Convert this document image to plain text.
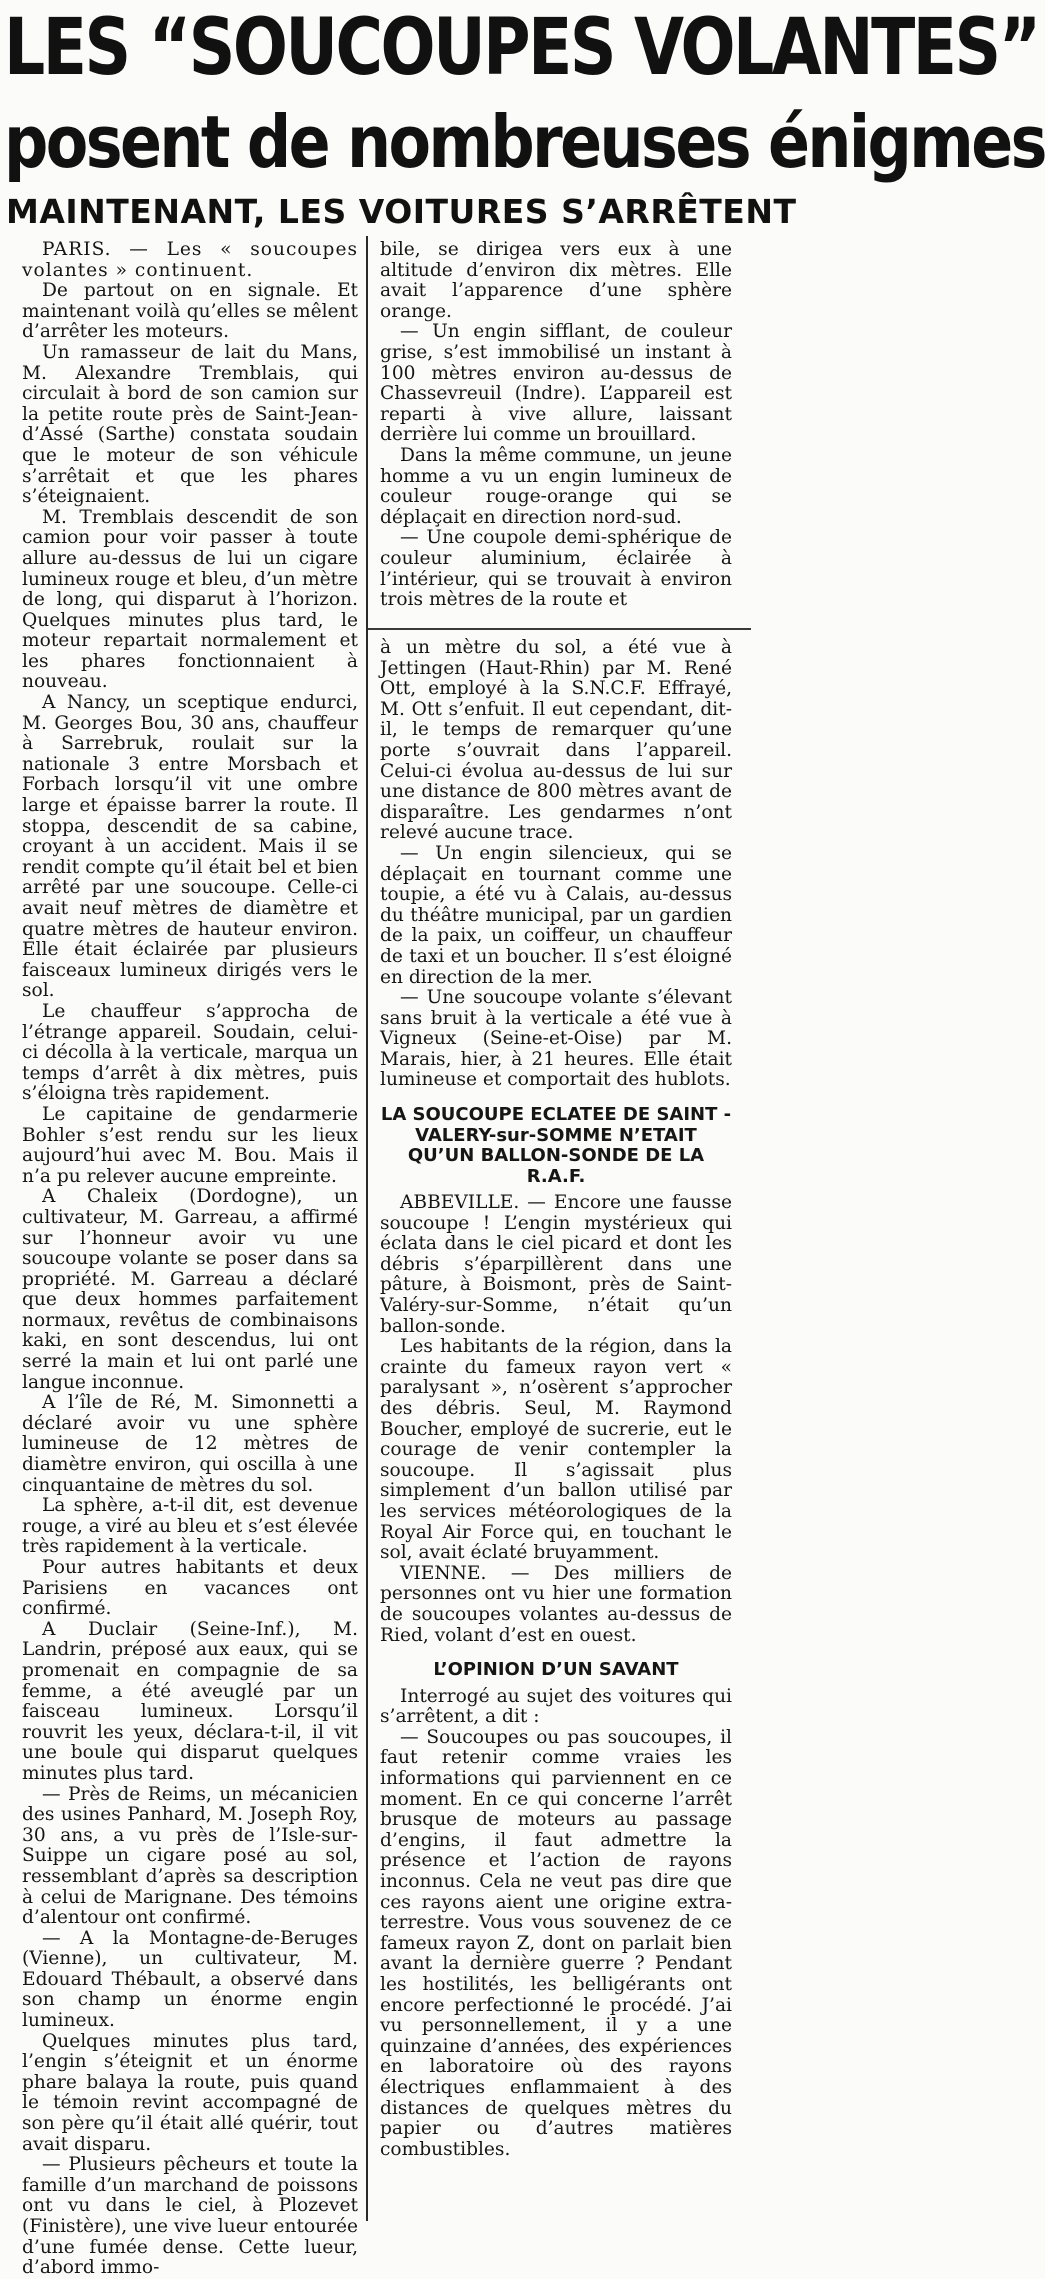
LES “SOUCOUPES VOLANTES”
posent de nombreuses énigmes
MAINTENANT, LES VOITURES S’ARRÊTENT

PARIS. — Les « soucoupes volantes » continuent.

De partout on en signale. Et maintenant voilà qu’elles se mêlent d’arrêter les moteurs.

Un ramasseur de lait du Mans, M. Alexandre Tremblais, qui circulait à bord de son camion sur la petite route près de Saint-Jean-d’Assé (Sarthe) constata soudain que le moteur de son véhicule s’arrêtait et que les phares s’éteignaient.

M. Tremblais descendit de son camion pour voir passer à toute allure au-dessus de lui un cigare lumineux rouge et bleu, d’un mètre de long, qui disparut à l’horizon. Quelques minutes plus tard, le moteur repartait normalement et les phares fonctionnaient à nouveau.

A Nancy, un sceptique endurci, M. Georges Bou, 30 ans, chauffeur à Sarrebruk, roulait sur la nationale 3 entre Morsbach et Forbach lorsqu’il vit une ombre large et épaisse barrer la route. Il stoppa, descendit de sa cabine, croyant à un accident. Mais il se rendit compte qu’il était bel et bien arrêté par une soucoupe. Celle-ci avait neuf mètres de diamètre et quatre mètres de hauteur environ. Elle était éclairée par plusieurs faisceaux lumineux dirigés vers le sol.

Le chauffeur s’approcha de l’étrange appareil. Soudain, celui-ci décolla à la verticale, marqua un temps d’arrêt à dix mètres, puis s’éloigna très rapidement.

Le capitaine de gendarmerie Bohler s’est rendu sur les lieux aujourd’hui avec M. Bou. Mais il n’a pu relever aucune empreinte.

A Chaleix (Dordogne), un cultivateur, M. Garreau, a affirmé sur l’honneur avoir vu une soucoupe volante se poser dans sa propriété. M. Garreau a déclaré que deux hommes parfaitement normaux, revêtus de combinaisons kaki, en sont descendus, lui ont serré la main et lui ont parlé une langue inconnue.

A l’île de Ré, M. Simonnetti a déclaré avoir vu une sphère lumineuse de 12 mètres de diamètre environ, qui oscilla à une cinquantaine de mètres du sol.

La sphère, a-t-il dit, est devenue rouge, a viré au bleu et s’est élevée très rapidement à la verticale.

Pour autres habitants et deux Parisiens en vacances ont confirmé.

A Duclair (Seine-Inf.), M. Landrin, préposé aux eaux, qui se promenait en compagnie de sa femme, a été aveuglé par un faisceau lumineux. Lorsqu’il rouvrit les yeux, déclara-t-il, il vit une boule qui disparut quelques minutes plus tard.

— Près de Reims, un mécanicien des usines Panhard, M. Joseph Roy, 30 ans, a vu près de l’Isle-sur-Suippe un cigare posé au sol, ressemblant d’après sa description à celui de Marignane. Des témoins d’alentour ont confirmé.

— A la Montagne-de-Beruges (Vienne), un cultivateur, M. Edouard Thébault, a observé dans son champ un énorme engin lumineux.

Quelques minutes plus tard, l’engin s’éteignit et un énorme phare balaya la route, puis quand le témoin revint accompagné de son père qu’il était allé quérir, tout avait disparu.

— Plusieurs pêcheurs et toute la famille d’un marchand de poissons ont vu dans le ciel, à Plozevet (Finistère), une vive lueur entourée d’une fumée dense. Cette lueur, d’abord immo-

bile, se dirigea vers eux à une altitude d’environ dix mètres. Elle avait l’apparence d’une sphère orange.

— Un engin sifflant, de couleur grise, s’est immobilisé un instant à 100 mètres environ au-dessus de Chassevreuil (Indre). L’appareil est reparti à vive allure, laissant derrière lui comme un brouillard.

Dans la même commune, un jeune homme a vu un engin lumineux de couleur rouge-orange qui se déplaçait en direction nord-sud.

— Une coupole demi-sphérique de couleur aluminium, éclairée à l’intérieur, qui se trouvait à environ trois mètres de la route et

à un mètre du sol, a été vue à Jettingen (Haut-Rhin) par M. René Ott, employé à la S.N.C.F. Effrayé, M. Ott s’enfuit. Il eut cependant, dit-il, le temps de remarquer qu’une porte s’ouvrait dans l’appareil. Celui-ci évolua au-dessus de lui sur une distance de 800 mètres avant de disparaître. Les gendarmes n’ont relevé aucune trace.

— Un engin silencieux, qui se déplaçait en tournant comme une toupie, a été vu à Calais, au-dessus du théâtre municipal, par un gardien de la paix, un coiffeur, un chauffeur de taxi et un boucher. Il s’est éloigné en direction de la mer.

— Une soucoupe volante s’élevant sans bruit à la verticale a été vue à Vigneux (Seine-et-Oise) par M. Marais, hier, à 21 heures. Elle était lumineuse et comportait des hublots.

LA SOUCOUPE ECLATEE DE SAINT - VALERY-sur-SOMME N’ETAIT QU’UN BALLON-SONDE DE LA R.A.F.

ABBEVILLE. — Encore une fausse soucoupe ! L’engin mystérieux qui éclata dans le ciel picard et dont les débris s’éparpillèrent dans une pâture, à Boismont, près de Saint-Valéry-sur-Somme, n’était qu’un ballon-sonde.

Les habitants de la région, dans la crainte du fameux rayon vert « paralysant », n’osèrent s’approcher des débris. Seul, M. Raymond Boucher, employé de sucrerie, eut le courage de venir contempler la soucoupe. Il s’agissait plus simplement d’un ballon utilisé par les services météorologiques de la Royal Air Force qui, en touchant le sol, avait éclaté bruyamment.

VIENNE. — Des milliers de personnes ont vu hier une formation de soucoupes volantes au-dessus de Ried, volant d’est en ouest.

L’OPINION D’UN SAVANT

Interrogé au sujet des voitures qui s’arrêtent, a dit :

— Soucoupes ou pas soucoupes, il faut retenir comme vraies les informations qui parviennent en ce moment. En ce qui concerne l’arrêt brusque de moteurs au passage d’engins, il faut admettre la présence et l’action de rayons inconnus. Cela ne veut pas dire que ces rayons aient une origine extra-terrestre. Vous vous souvenez de ce fameux rayon Z, dont on parlait bien avant la dernière guerre ? Pendant les hostilités, les belligérants ont encore perfectionné le procédé. J’ai vu personnellement, il y a une quinzaine d’années, des expériences en laboratoire où des rayons électriques enflammaient à des distances de quelques mètres du papier ou d’autres matières combustibles.
